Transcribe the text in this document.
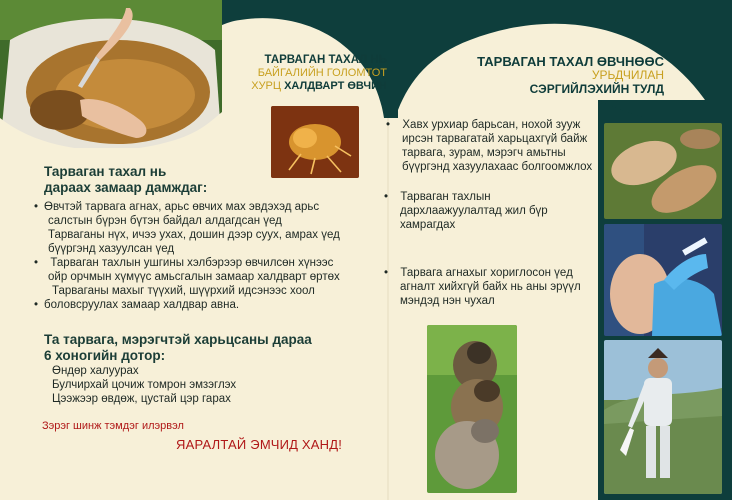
ТАРВАГАН ТАХАЛ НЬ
БАЙГАЛИЙН ГОЛОМТОТ
ХУРЦ ХАЛДВАРТ ӨВЧИН
Тарваган тахал нь
дараах замаар дамждаг:
• Өвчтэй тарвага агнах, арьс өвчих мах эвдэхэд арьс
салстын бүрэн бүтэн байдал алдагдсан үед
Тарваганы нүх, ичээ ухах, дошин дээр суух, амрах үед
бүүргэнд хазуулсан үед
• Тарваган тахлын ушгины хэлбэрээр өвчилсөн хүнээс
ойр орчмын хүмүүс амьсгалын замаар халдварт өртөх
Тарваганы махыг түүхий, шүүрхий идсэнээс хоол
• боловсруулах замаар халдвар авна.
Та тарвага, мэрэгчтэй харьцсаны дараа
6 хоногийн дотор:
Өндөр халуурах
Булчирхай цочиж томрон эмзэглэх
Цээжээр өвдөж, цустай цэр гарах
Зэрэг шинж тэмдэг илэрвэл
ЯАРАЛТАЙ ЭМЧИД ХАНД!
ТАРВАГАН ТАХАЛ ӨВЧНӨӨС
УРЬДЧИЛАН
СЭРГИЙЛЭХИЙН ТУЛД
• Хавх урхиар барьсан, нохой зууж
ирсэн тарвагатай харьцахгүй байж
тарвага, зурам, мэрэгч амьтны
бүүргэнд хазуулахаас болгоомжлох
• Тарваган тахлын
дархлаажуулалтад жил бүр
хамрагдах
• Тарвага агнахыг хориглосон үед
агналт хийхгүй байх нь аны эрүүл
мэндэд нэн чухал
